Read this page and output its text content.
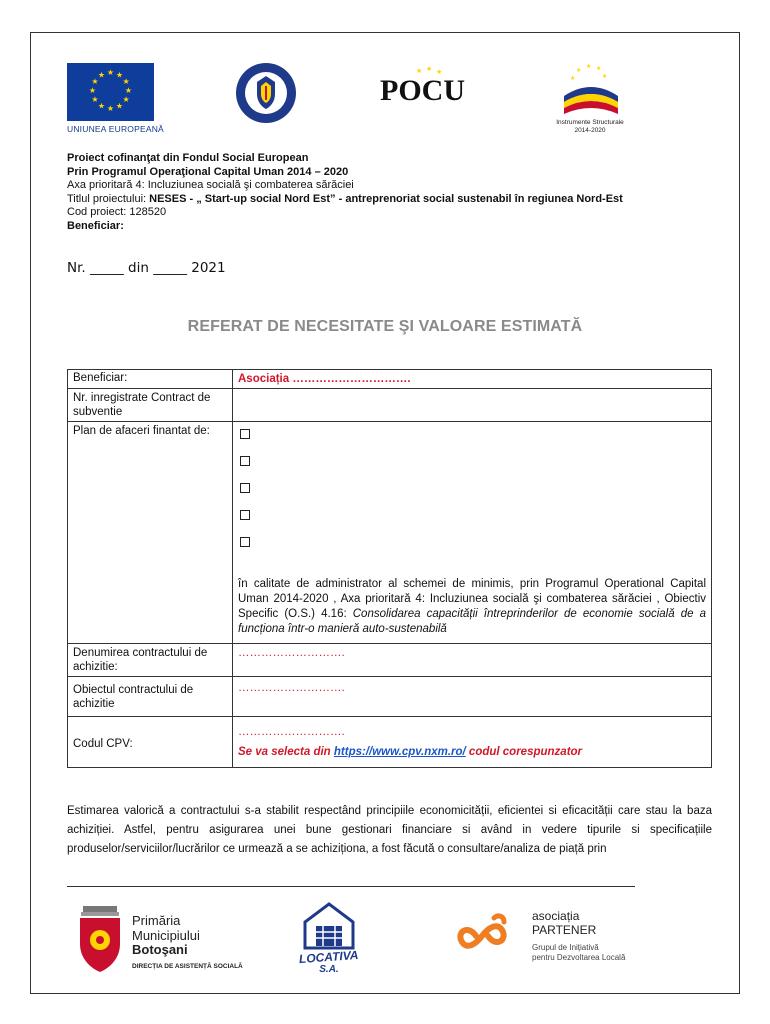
★ ★
★
★
★
★
★
★
★
★
★
★
UNIUNEA EUROPEANĂ
★ ★ ★
POCU
★ ★
★
★
★
Instrumente Structurale
2014-2020
Proiect cofinanţat din Fondul Social European
Prin Programul Operaţional Capital Uman 2014 – 2020
Axa prioritară 4: Incluziunea socială şi combaterea sărăciei
Titlul proiectului: NESES - „ Start-up social Nord Est” - antreprenoriat social sustenabil în regiunea Nord-Est
Cod proiect: 128520
Beneficiar:
Nr. _____ din _____ 2021
REFERAT DE NECESITATE ŞI VALOARE ESTIMATĂ
Beneficiar:	Asociația ………………………….

Nr. inregistrate Contract de subventie	

Plan de afaceri finantat de:	în calitate de administrator al schemei de minimis, prin Programul Operational Capital Uman 2014-2020 , Axa prioritară 4: Incluziunea socială şi combaterea sărăciei , Obiectiv Specific (O.S.) 4.16: Consolidarea capacității întreprinderilor de economie socială de a funcționa într-o manieră auto-sustenabilă

Denumirea contractului de achizitie:	……………………….

Obiectul contractului de achizitie	……………………….

Codul CPV:	……………………….
Se va selecta din https://www.cpv.nxm.ro/ codul corespunzator
Estimarea valorică a contractului s-a stabilit respectând principiile economicității, eficientei si eficacității care stau la baza achiziției. Astfel, pentru asigurarea unei bune gestionari financiare si având in vedere tipurile si specificațiile produselor/serviciilor/lucrărilor ce urmează a se achiziționa, a fost făcută o consultare/analiza de piață prin
Primăria
Municipiului
Botoşani
DIRECȚIA DE ASISTENȚĂ SOCIALĂ
LOCATIVA
S.A.
asociația
PARTENER
Grupul de Inițiativă
pentru Dezvoltarea Locală
